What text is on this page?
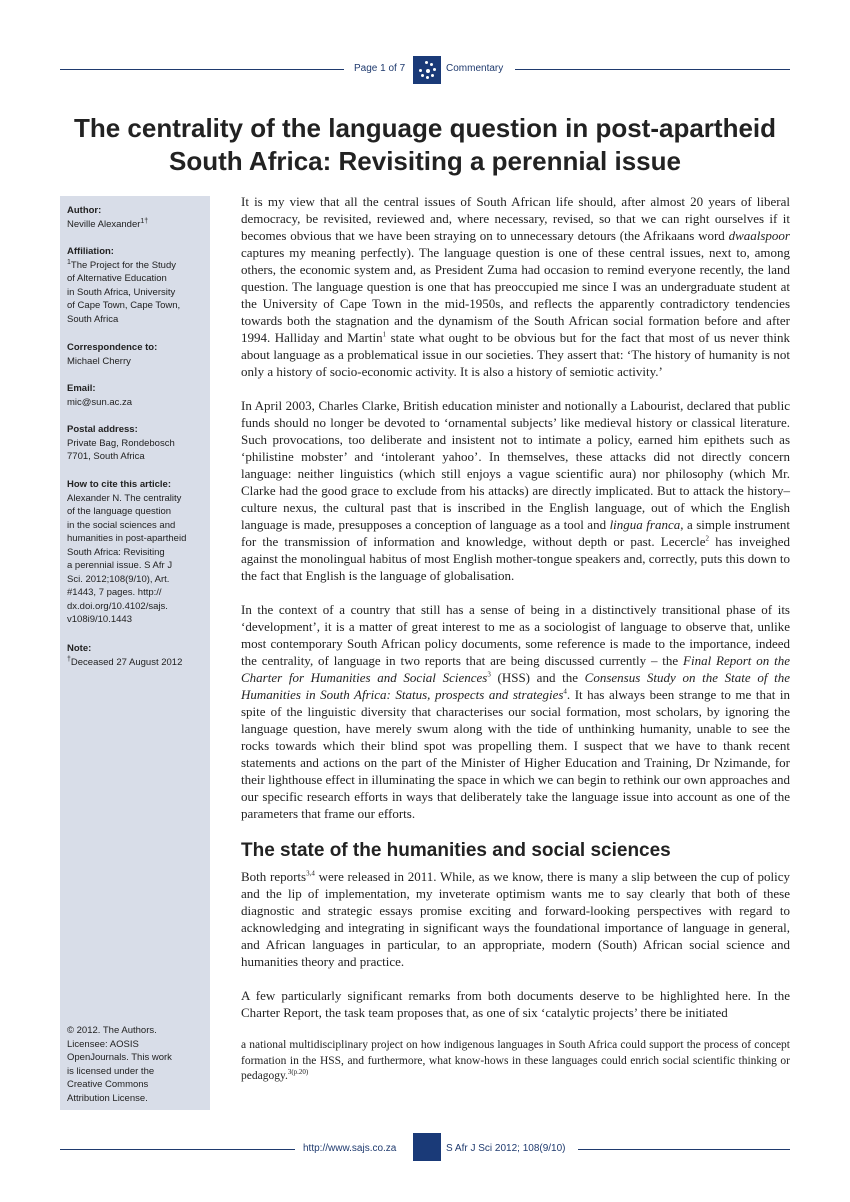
Page 1 of 7	Commentary
The centrality of the language question in post-apartheid South Africa: Revisiting a perennial issue
Author:
Neville Alexander$^{1\dagger}$
Affiliation:
$^1$The Project for the Study
of Alternative Education
in South Africa, University
of Cape Town, Cape Town,
South Africa
Correspondence to:
Michael Cherry
Email:
mic@sun.ac.za
Postal address:
Private Bag, Rondebosch
7701, South Africa
How to cite this article:
Alexander N. The centrality
of the language question
in the social sciences and
humanities in post-apartheid
South Africa: Revisiting
a perennial issue. S Afr J
Sci. 2012;108(9/10), Art.
#1443, 7 pages. http://
dx.doi.org/10.4102/sajs.
v108i9/10.1443
Note:
†Deceased 27 August 2012
© 2012. The Authors.
Licensee: AOSIS
OpenJournals. This work
is licensed under the
Creative Commons
Attribution License.

It is my view that all the central issues of South African life should, after almost 20 years of liberal democracy, be revisited, reviewed and, where necessary, revised, so that we can right ourselves if it becomes obvious that we have been straying on to unnecessary detours (the Afrikaans word dwaalspoor captures my meaning perfectly). The language question is one of these central issues, next to, among others, the economic system and, as President Zuma had occasion to remind everyone recently, the land question. The language question is one that has preoccupied me since I was an undergraduate student at the University of Cape Town in the mid-1950s, and reflects the apparently contradictory tendencies towards both the stagnation and the dynamism of the South African social formation before and after 1994. Halliday and Martin$^1$ state what ought to be obvious but for the fact that most of us never think about language as a problematical issue in our societies. They assert that: ‘The history of humanity is not only a history of socio-economic activity. It is also a history of semiotic activity.’

In April 2003, Charles Clarke, British education minister and notionally a Labourist, declared that public funds should no longer be devoted to ‘ornamental subjects’ like medieval history or classical literature. Such provocations, too deliberate and insistent not to intimate a policy, earned him epithets such as ‘philistine mobster’ and ‘intolerant yahoo’. In themselves, these attacks did not directly concern language: neither linguistics (which still enjoys a vague scientific aura) nor philosophy (which Mr. Clarke had the good grace to exclude from his attacks) are directly implicated. But to attack the history–culture nexus, the cultural past that is inscribed in the English language, out of which the English language is made, presupposes a conception of language as a tool and lingua franca, a simple instrument for the transmission of information and knowledge, without depth or past. Lecercle$^2$ has inveighed against the monolingual habitus of most English mother-tongue speakers and, correctly, puts this down to the fact that English is the language of globalisation.

In the context of a country that still has a sense of being in a distinctively transitional phase of its ‘development’, it is a matter of great interest to me as a sociologist of language to observe that, unlike most contemporary South African policy documents, some reference is made to the importance, indeed the centrality, of language in two reports that are being discussed currently – the Final Report on the Charter for Humanities and Social Sciences$^3$ (HSS) and the Consensus Study on the State of the Humanities in South Africa: Status, prospects and strategies$^4$. It has always been strange to me that in spite of the linguistic diversity that characterises our social formation, most scholars, by ignoring the language question, have merely swum along with the tide of unthinking humanity, unable to see the rocks towards which their blind spot was propelling them. I suspect that we have to thank recent statements and actions on the part of the Minister of Higher Education and Training, Dr Nzimande, for their lighthouse effect in illuminating the space in which we can begin to rethink our own approaches and our specific research efforts in ways that deliberately take the language issue into account as one of the parameters that frame our efforts.

The state of the humanities and social sciences

Both reports$^{3,4}$ were released in 2011. While, as we know, there is many a slip between the cup of policy and the lip of implementation, my inveterate optimism wants me to say clearly that both of these diagnostic and strategic essays promise exciting and forward-looking perspectives with regard to acknowledging and integrating in significant ways the foundational importance of language in general, and African languages in particular, to an appropriate, modern (South) African social science and humanities theory and practice.

A few particularly significant remarks from both documents deserve to be highlighted here. In the Charter Report, the task team proposes that, as one of six ‘catalytic projects’ there be initiated

a national multidisciplinary project on how indigenous languages in South Africa could support the process of concept formation in the HSS, and furthermore, what know-hows in these languages could enrich social scientific thinking or pedagogy.$^{3(p.20)}$

http://www.sajs.co.za	S Afr J Sci 2012; 108(9/10)
